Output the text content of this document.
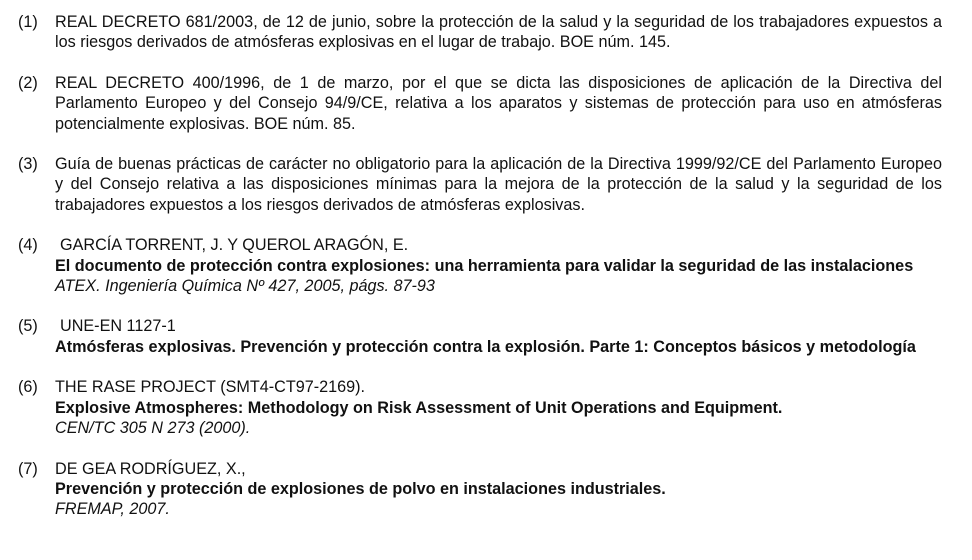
(1)	REAL DECRETO 681/2003, de 12 de junio, sobre la protección de la salud y la seguridad de los trabajadores expuestos a los riesgos derivados de atmósferas explosivas en el lugar de trabajo. BOE núm. 145.

(2)	REAL DECRETO 400/1996, de 1 de marzo, por el que se dicta las disposiciones de aplicación de la Directiva del Parlamento Europeo y del Consejo 94/9/CE, relativa a los aparatos y sistemas de protección para uso en atmósferas potencialmente explosivas. BOE núm. 85.

(3)	Guía de buenas prácticas de carácter no obligatorio para la aplicación de la Directiva 1999/92/CE del Parlamento Europeo y del Consejo relativa a las disposiciones mínimas para la mejora de la protección de la salud y la seguridad de los trabajadores expuestos a los riesgos derivados de atmósferas explosivas.

(4)	GARCÍA TORRENT, J. Y QUEROL ARAGÓN, E.
El documento de protección contra explosiones: una herramienta para validar la seguridad de las instalaciones
ATEX. Ingeniería Química Nº 427, 2005, págs. 87-93
(5)	UNE-EN 1127-1
Atmósferas explosivas. Prevención y protección contra la explosión. Parte 1: Conceptos básicos y metodología
(6)	THE RASE PROJECT (SMT4-CT97-2169).
Explosive Atmospheres: Methodology on Risk Assessment of Unit Operations and Equipment.
CEN/TC 305 N 273 (2000).
(7)	DE GEA RODRÍGUEZ, X.,
Prevención y protección de explosiones de polvo en instalaciones industriales.
FREMAP, 2007.
